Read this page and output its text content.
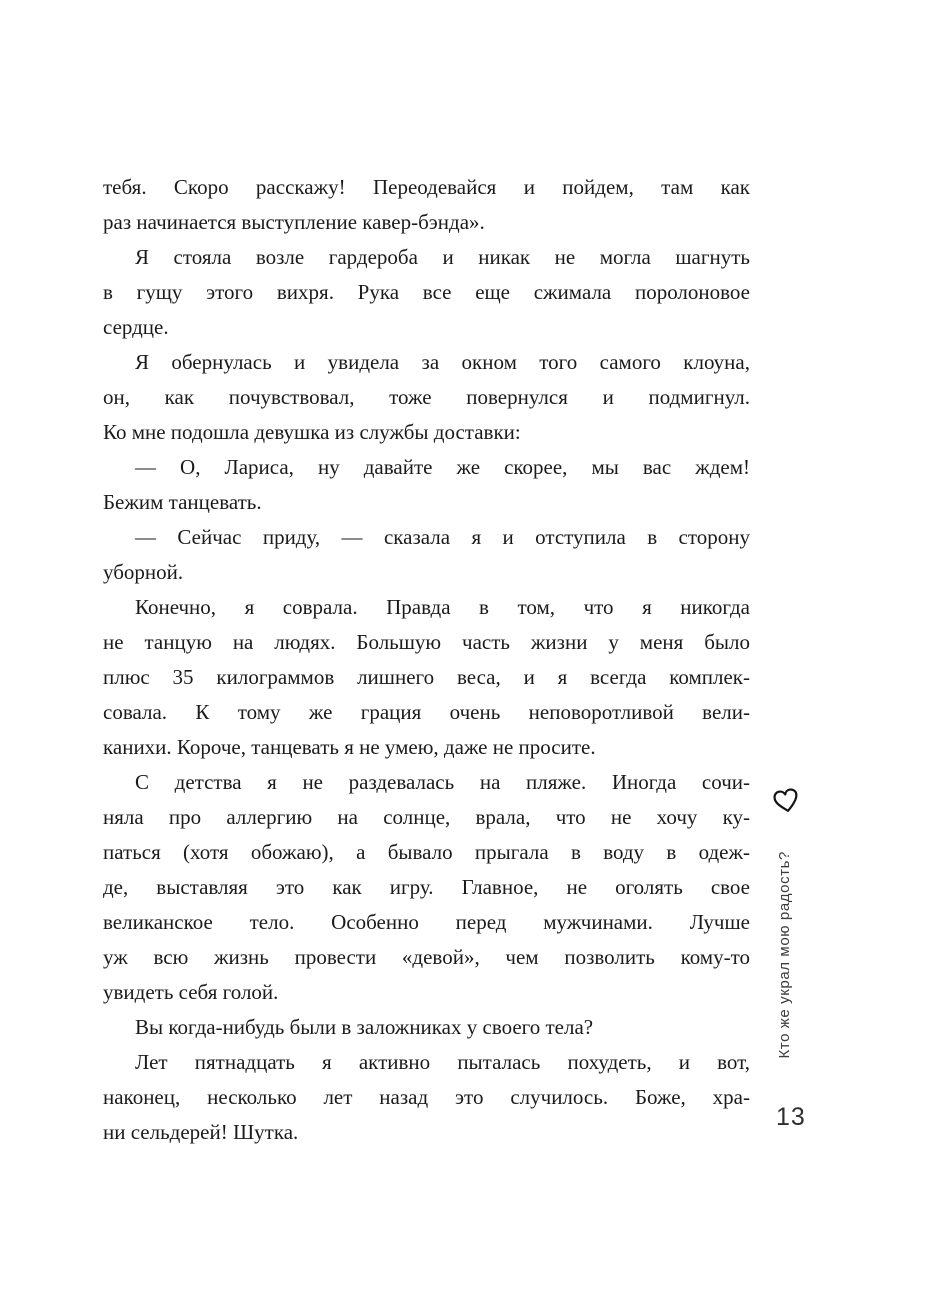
тебя. Скоро расскажу! Переодевайся и пойдем, там как
раз начинается выступление кавер-бэнда».

Я стояла возле гардероба и никак не могла шагнуть
в гущу этого вихря. Рука все еще сжимала поролоновое
сердце.

Я обернулась и увидела за окном того самого клоуна,
он, как почувствовал, тоже повернулся и подмигнул.
Ко мне подошла девушка из службы доставки:

— О, Лариса, ну давайте же скорее, мы вас ждем!
Бежим танцевать.

— Сейчас приду, — сказала я и отступила в сторону
уборной.

Конечно, я соврала. Правда в том, что я никогда
не танцую на людях. Большую часть жизни у меня было
плюс 35 килограммов лишнего веса, и я всегда комплек-
совала. К тому же грация очень неповоротливой вели-
канихи. Короче, танцевать я не умею, даже не просите.

С детства я не раздевалась на пляже. Иногда сочи-
няла про аллергию на солнце, врала, что не хочу ку-
паться (хотя обожаю), а бывало прыгала в воду в одеж-
де, выставляя это как игру. Главное, не оголять свое
великанское тело. Особенно перед мужчинами. Лучше
уж всю жизнь провести «девой», чем позволить кому-то
увидеть себя голой.

Вы когда-нибудь были в заложниках у своего тела?

Лет пятнадцать я активно пыталась похудеть, и вот,
наконец, несколько лет назад это случилось. Боже, хра-
ни сельдерей! Шутка.

Кто же украл мою радость?
13
